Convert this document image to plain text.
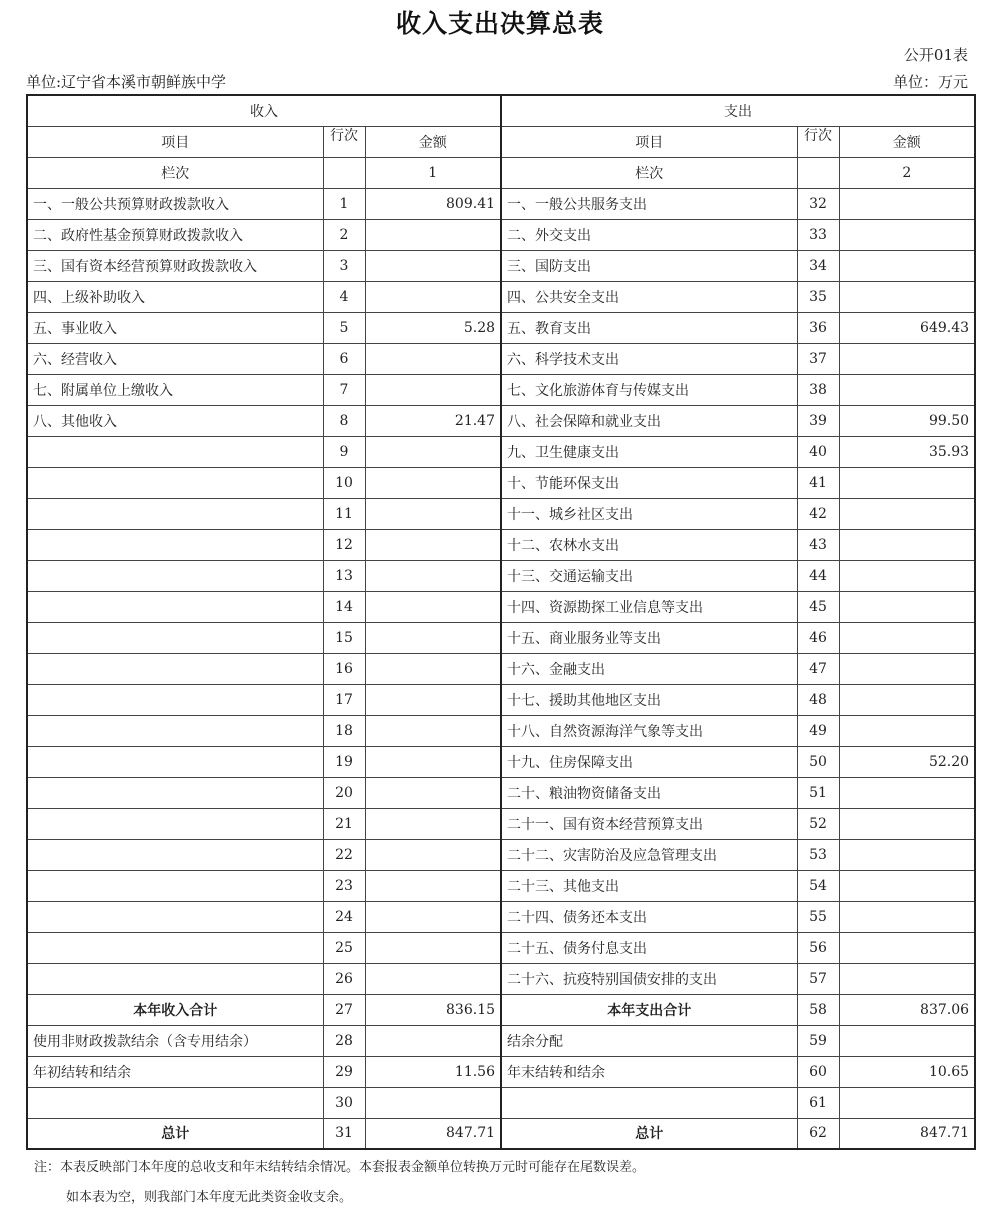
收入支出决算总表
公开01表
单位:辽宁省本溪市朝鲜族中学	单位：万元
收入			支出		
项目	行次	金额	项目	行次	金额
栏次		1	栏次		2
一、一般公共预算财政拨款收入	1	809.41	一、一般公共服务支出	32	
二、政府性基金预算财政拨款收入	2		二、外交支出	33	
三、国有资本经营预算财政拨款收入	3		三、国防支出	34	
四、上级补助收入	4		四、公共安全支出	35	
五、事业收入	5	5.28	五、教育支出	36	649.43
六、经营收入	6		六、科学技术支出	37	
七、附属单位上缴收入	7		七、文化旅游体育与传媒支出	38	
八、其他收入	8	21.47	八、社会保障和就业支出	39	99.50
	9		九、卫生健康支出	40	35.93
	10		十、节能环保支出	41	
	11		十一、城乡社区支出	42	
	12		十二、农林水支出	43	
	13		十三、交通运输支出	44	
	14		十四、资源勘探工业信息等支出	45	
	15		十五、商业服务业等支出	46	
	16		十六、金融支出	47	
	17		十七、援助其他地区支出	48	
	18		十八、自然资源海洋气象等支出	49	
	19		十九、住房保障支出	50	52.20
	20		二十、粮油物资储备支出	51	
	21		二十一、国有资本经营预算支出	52	
	22		二十二、灾害防治及应急管理支出	53	
	23		二十三、其他支出	54	
	24		二十四、债务还本支出	55	
	25		二十五、债务付息支出	56	
	26		二十六、抗疫特别国债安排的支出	57	
本年收入合计	27	836.15	本年支出合计	58	837.06
使用非财政拨款结余（含专用结余）	28		结余分配	59	
年初结转和结余	29	11.56	年末结转和结余	60	10.65
	30			61	
总计	31	847.71	总计	62	847.71
注：本表反映部门本年度的总收支和年末结转结余情况。本套报表金额单位转换万元时可能存在尾数误差。
如本表为空，则我部门本年度无此类资金收支余。
